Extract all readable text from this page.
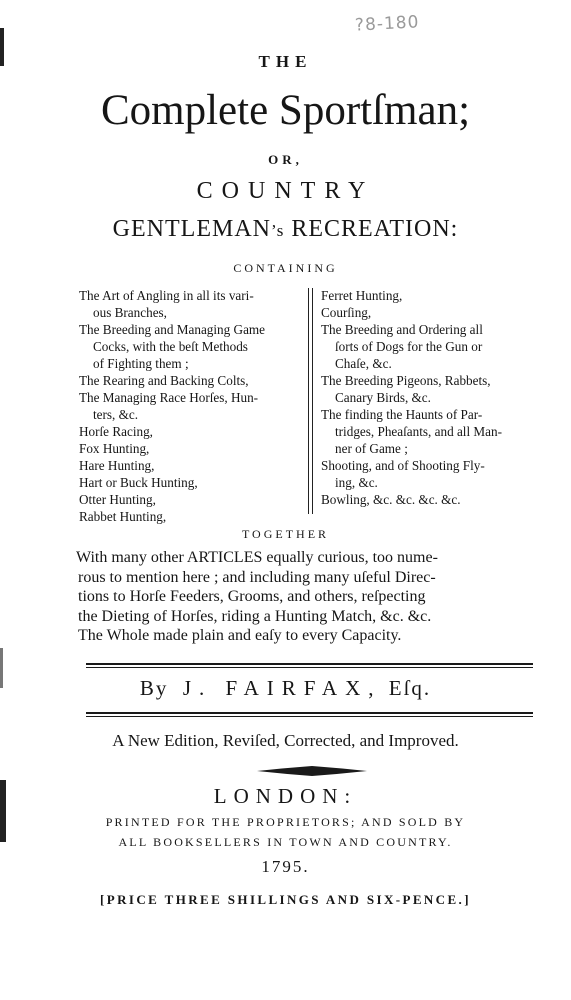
?8-180
THE
Complete Sportſman;
OR,
COUNTRY
GENTLEMAN’s RECREATION:
CONTAINING
The Art of Angling in all its vari-
ous Branches,
The Breeding and Managing Game
Cocks, with the beſt Methods
of Fighting them ;
The Rearing and Backing Colts,
The Managing Race Horſes, Hun-
ters, &c.
Horſe Racing,
Fox Hunting,
Hare Hunting,
Hart or Buck Hunting,
Otter Hunting,
Rabbet Hunting,
Ferret Hunting,
Courſing,
The Breeding and Ordering all
ſorts of Dogs for the Gun or
Chaſe, &c.
The Breeding Pigeons, Rabbets,
Canary Birds, &c.
The finding the Haunts of Par-
tridges, Pheaſants, and all Man-
ner of Game ;
Shooting, and of Shooting Fly-
ing, &c.
Bowling, &c. &c. &c. &c.
TOGETHER
With many other ARTICLES equally curious, too nume-
rous to mention here ; and including many uſeful Direc-
tions to Horſe Feeders, Grooms, and others, reſpecting
the Dieting of Horſes, riding a Hunting Match, &c. &c.
The Whole made plain and eaſy to every Capacity.
By J. FAIRFAX, Eſq.
A New Edition, Reviſed, Corrected, and Improved.
LONDON:
PRINTED FOR THE PROPRIETORS; AND SOLD BY
ALL BOOKSELLERS IN TOWN AND COUNTRY.
1795.
[PRICE THREE SHILLINGS AND SIX-PENCE.]
